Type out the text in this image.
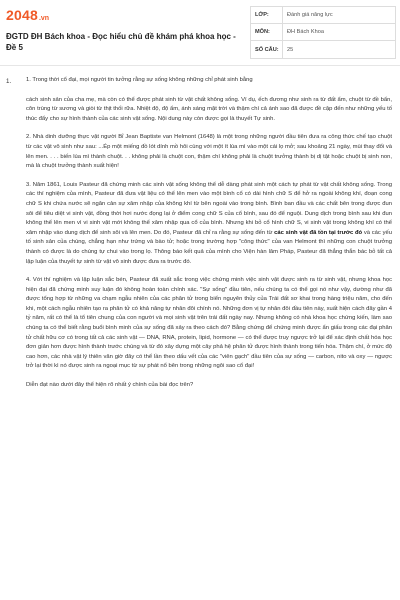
2048 .vn
ĐGTD ĐH Bách khoa - Đọc hiểu chủ đề khám phá khoa học - Đề 5
LỚP:	Đánh giá năng lực
MÔN:	ĐH Bách Khoa
SỐ CÂU:	25
1.	1. Trong thời cổ đại, mọi người tin tưởng rằng sự sống không những chỉ phát sinh bằng

cách sinh sản của cha mẹ, mà còn có thể được phát sinh từ vật chất không sống. Ví dụ, ếch đương như sinh ra từ đất ẩm, chuột từ đề bẩn, côn trùng từ sương và giòi từ thịt thối rữa. Nhiệt độ, độ ẩm, ánh sáng mặt trời và thậm chí cả ánh sao đã được đề cập đến như những yếu tố thúc đẩy cho sự hình thành của các sinh vật sống. Nội dung này còn được gọi là thuyết Tự sinh.

2. Nhà dinh dưỡng thực vật người Bỉ Jean Baptiste van Helmont (1648) là một trong những người đầu tiên đưa ra công thức chế tạo chuột từ các vật vô sinh như sau: ...Ép một miếng đồ lót dính mồ hôi cùng với một ít lúa mì vào một cái lọ mở; sau khoảng 21 ngày, mùi thay đổi và lên men. . . . biến lúa mì thành chuột. . . không phải là chuột con, thậm chí không phải là chuột trưởng thành bị dị tật hoặc chuột bị sinh non, mà là chuột trưởng thành xuất hiện!

3. Năm 1861, Louis Pasteur đã chứng minh các sinh vật sống không thể dễ dàng phát sinh một cách tự phát từ vật chất không sống. Trong các thí nghiệm của mình, Pasteur đã đưa vật liệu có thể lên men vào một bình cổ có dài hình chữ S để hở ra ngoài không khí, đoạn cong chữ S khi chứa nước sẽ ngăn cản sự xâm nhập của không khí từ bên ngoài vào trong bình. Bình ban đầu và các chất bên trong được đun sôi để tiêu diệt vi sinh vật, đồng thời hơi nước đọng lại ở điểm cong chữ S của cổ bình, sau đó để nguội. Dung dịch trong bình sau khi đun không thể lên men vì vi sinh vật mới không thể xâm nhập qua cổ của bình. Nhưng khi bỏ cổ hình chữ S, vi sinh vật trong không khí có thể xâm nhập vào dung dịch để sinh sôi và lên men. Do đó, Pasteur đã chỉ ra rằng sự sống đến từ các sinh vật đã tồn tại trước đó và các yếu tố sinh sản của chúng, chẳng hạn như trứng và bào tử; hoặc trong trường hợp "công thức" của van Helmont thì những con chuột trưởng thành có được là do chúng tự chui vào trong lọ. Thông báo kết quả của mình cho Viện hàn lâm Pháp, Pasteur đã thẳng thắn bác bỏ tất cả lập luận của thuyết tự sinh từ vật vô sinh được đưa ra trước đó.

4. Với thí nghiệm và lập luận sắc bén, Pasteur đã xuất sắc trong việc chứng minh việc sinh vật được sinh ra từ sinh vật, nhưng khoa học hiện đại đã chứng minh suy luận đó không hoàn toàn chính xác. "Sự sống" đầu tiên, nếu chúng ta có thể gọi nó như vậy, dường như đã được tổng hợp từ những va chạm ngẫu nhiên của các phân tử trong biển nguyên thủy của Trái đất sơ khai trong hàng triệu năm, cho đến khi, một cách ngẫu nhiên tạo ra phân tử có khả năng tự nhân đôi chính nó. Những đơn vị tự nhân đôi đầu tiên này, xuất hiện cách đây gần 4 tỷ năm, rất có thể là tổ tiên chung của con người và mọi sinh vật trên trái đất ngày nay. Nhưng không có nhà khoa học chứng kiến, làm sao chúng ta có thể biết rằng buổi bình minh của sự sống đã xảy ra theo cách đó? Bằng chứng để chứng minh được ẩn giấu trong các đại phân tử chất hữu cơ có trong tất cả các sinh vật — DNA, RNA, protein, lipid, hormone — có thể được truy ngược trở lại để xác định chất hóa học đơn giản hơn được hình thành trước chúng và từ đó xây dựng một cây phả hệ phân tử được hình thành trong tiến hóa. Thậm chí, ở mức độ cao hơn, các nhà vật lý thiên văn giờ đây có thể lần theo dấu vết của các "viên gạch" đầu tiên của sự sống — carbon, nito và oxy — ngược trở lại thời kì nó được sinh ra ngoại mục từ sự phát nổ bên trong những ngôi sao cổ đại!

Diễn đạt nào dưới đây thể hiện rõ nhất ý chính của bài đọc trên?
